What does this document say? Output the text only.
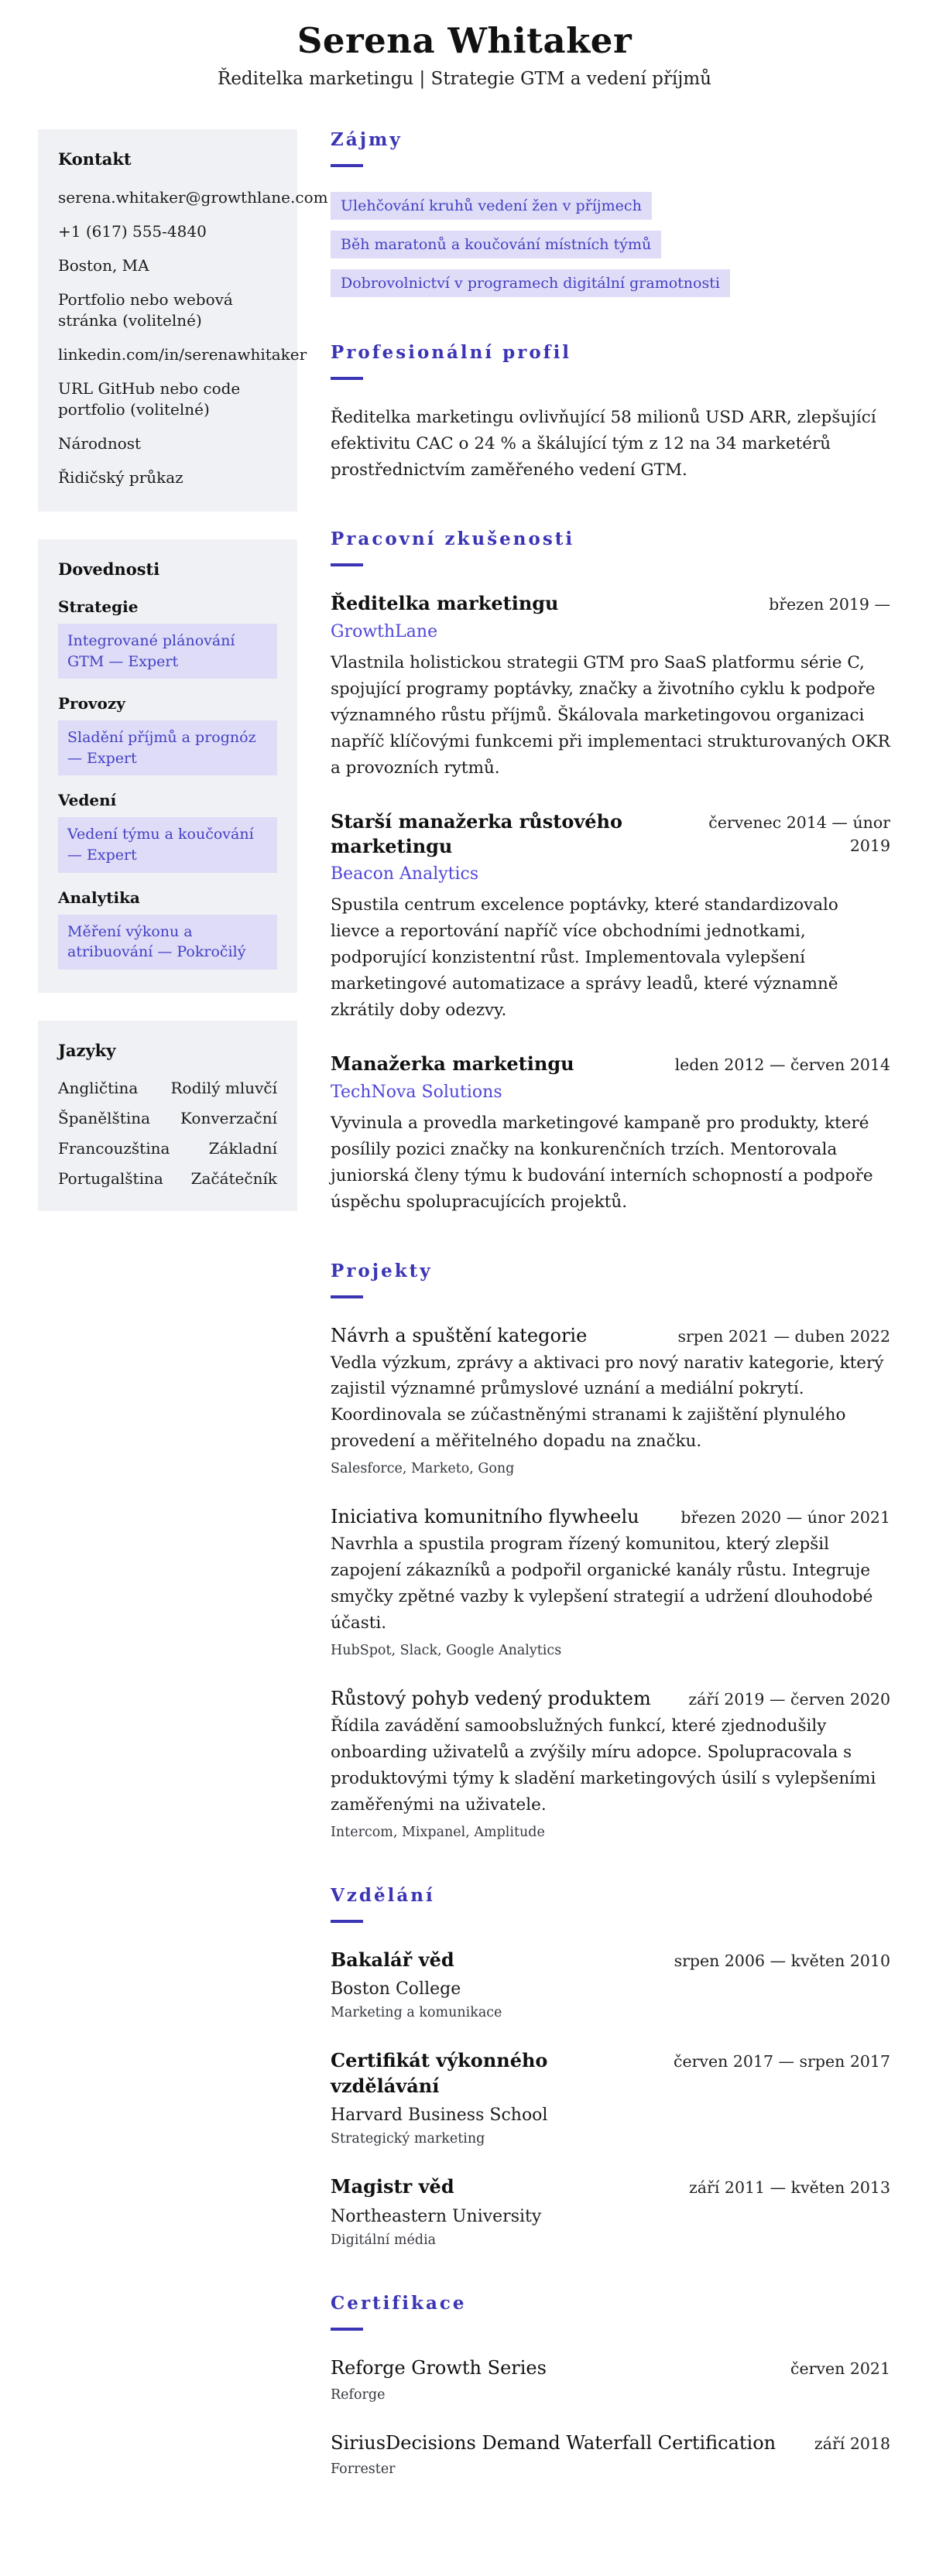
Serena Whitaker
Ředitelka marketingu | Strategie GTM a vedení příjmů
Kontakt
serena.whitaker@growthlane.com
+1 (617) 555-4840
Boston, MA
Portfolio nebo webová stránka (volitelné)
linkedin.com/in/serenawhitaker
URL GitHub nebo code portfolio (volitelné)
Národnost
Řidičský průkaz
Dovednosti
Strategie
Integrované plánování GTM — Expert
Provozy
Sladění příjmů a prognóz — Expert
Vedení
Vedení týmu a koučování — Expert
Analytika
Měření výkonu a atribuování — Pokročilý
Jazyky
Angličtina Rodilý mluvčí
Španělština Konverzační
Francouzština	Základní
Portugalština Začátečník
Zájmy
Ulehčování kruhů vedení žen v příjmech
Běh maratonů a koučování místních týmů
Dobrovolnictví v programech digitální gramotnosti
Profesionální profil

Ředitelka marketingu ovlivňující 58 milionů USD ARR, zlepšující efektivitu CAC o 24 % a škálující tým z 12 na 34 marketérů prostřednictvím zaměřeného vedení GTM.

Pracovní zkušenosti
Ředitelka marketingu	březen 2019 —
GrowthLane

Vlastnila holistickou strategii GTM pro SaaS platformu série C, spojující programy poptávky, značky a životního cyklu k podpoře významného růstu příjmů. Škálovala marketingovou organizaci napříč klíčovými funkcemi při implementaci strukturovaných OKR a provozních rytmů.

Starší manažerka růstového marketingu
červenec 2014 — únor 2019
Beacon Analytics

Spustila centrum excelence poptávky, které standardizovalo lievce a reportování napříč více obchodními jednotkami, podporující konzistentní růst. Implementovala vylepšení marketingové automatizace a správy leadů, které významně zkrátily doby odezvy.

Manažerka marketingu	leden 2012 — červen 2014
TechNova Solutions

Vyvinula a provedla marketingové kampaně pro produkty, které posílily pozici značky na konkurenčních trzích. Mentorovala juniorská členy týmu k budování interních schopností a podpoře úspěchu spolupracujících projektů.

Projekty
Návrh a spuštění kategorie	srpen 2021 — duben 2022

Vedla výzkum, zprávy a aktivaci pro nový narativ kategorie, který zajistil významné průmyslové uznání a mediální pokrytí. Koordinovala se zúčastněnými stranami k zajištění plynulého provedení a měřitelného dopadu na značku.

Salesforce, Marketo, Gong
Iniciativa komunitního flywheelu	březen 2020 — únor 2021

Navrhla a spustila program řízený komunitou, který zlepšil zapojení zákazníků a podpořil organické kanály růstu. Integruje smyčky zpětné vazby k vylepšení strategií a udržení dlouhodobé účasti.

HubSpot, Slack, Google Analytics
Růstový pohyb vedený produktem září 2019 — červen 2020

Řídila zavádění samoobslužných funkcí, které zjednodušily onboarding uživatelů a zvýšily míru adopce. Spolupracovala s produktovými týmy k sladění marketingových úsilí s vylepšeními zaměřenými na uživatele.

Intercom, Mixpanel, Amplitude
Vzdělání
Bakalář věd	srpen 2006 — květen 2010
Boston College
Marketing a komunikace
Certifikát výkonného vzdělávání
červen 2017 — srpen 2017
Harvard Business School
Strategický marketing
Magistr věd	září 2011 — květen 2013
Northeastern University
Digitální média
Certifikace
Reforge Growth Series	červen 2021
Reforge
SiriusDecisions Demand Waterfall Certification září 2018
Forrester
